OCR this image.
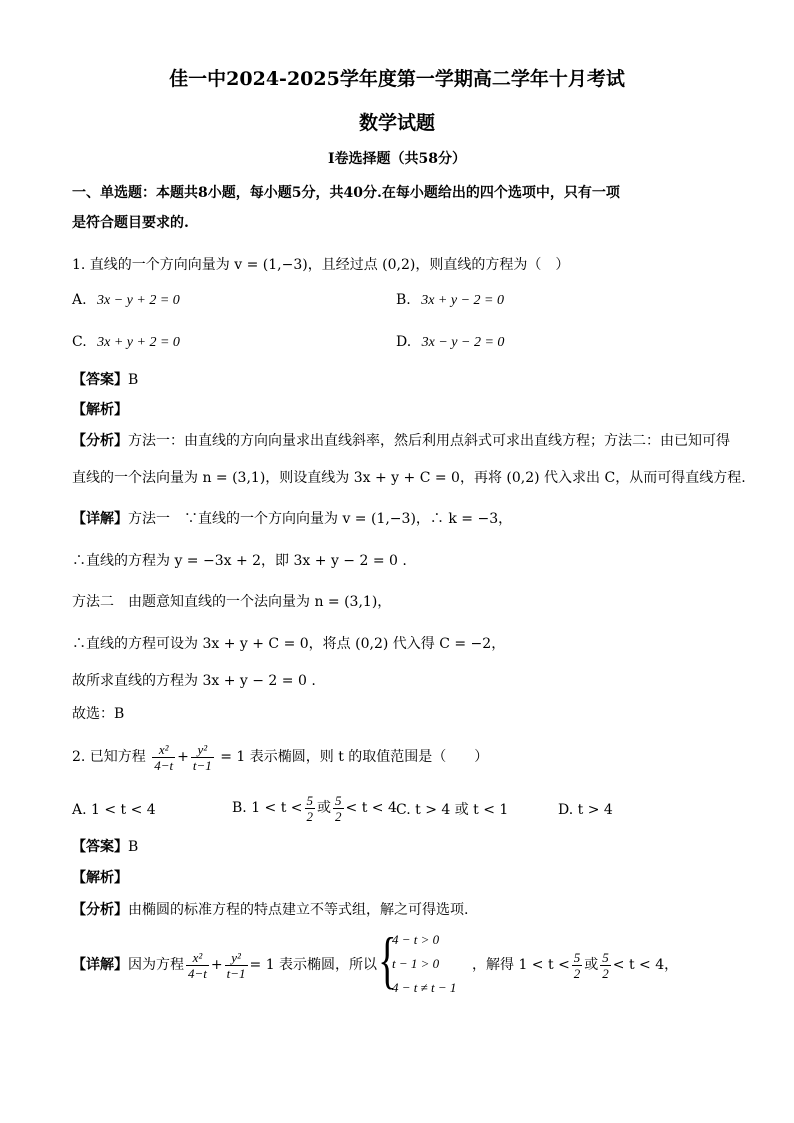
佳一中2024-2025学年度第一学期高二学年十月考试
数学试题
Ⅰ卷选择题（共58分）
一、单选题：本题共8小题，每小题5分，共40分.在每小题给出的四个选项中，只有一项
是符合题目要求的.
1. 直线的一个方向向量为 v = (1,−3)，且经过点 (0,2)，则直线的方程为（　）
A. 3x − y + 2 = 0	B. 3x + y − 2 = 0
C. 3x + y + 2 = 0	D. 3x − y − 2 = 0
【答案】B
【解析】
【分析】方法一：由直线的方向向量求出直线斜率，然后利用点斜式可求出直线方程；方法二：由已知可得
直线的一个法向量为 n = (3,1)，则设直线为 3x + y + C = 0，再将 (0,2) 代入求出 C，从而可得直线方程.
【详解】方法一　∵直线的一个方向向量为 v = (1,−3)，∴ k = −3，
∴直线的方程为 y = −3x + 2，即 3x + y − 2 = 0 .
方法二　由题意知直线的一个法向量为 n = (3,1)，
∴直线的方程可设为 3x + y + C = 0，将点 (0,2) 代入得 C = −2，
故所求直线的方程为 3x + y − 2 = 0 .
故选：B
2. 已知方程 $\frac{\text{x²}}{4-t} + \frac{\text{y²}}{t-1} = 1$ 表示椭圆，则 t 的取值范围是（　　）
A. 1 < t < 4	B. $1 < t < \frac{5}{2}$ 或 $\frac{5}{2} < t < 4$ C. t > 4 或 t < 1	D. t > 4
【答案】B
【解析】
【分析】由椭圆的标准方程的特点建立不等式组，解之可得选项.
【详解】因为方程 $\frac{\text{x²}}{4-t} + \frac{\text{y²}}{t-1} = 1$ 表示椭圆，所以 {
4 − t > 0
t − 1 > 0
4 − t ≠ t − 1
，解得 $1 < t < \frac{5}{2}$ 或 $\frac{5}{2} < t < 4$，
